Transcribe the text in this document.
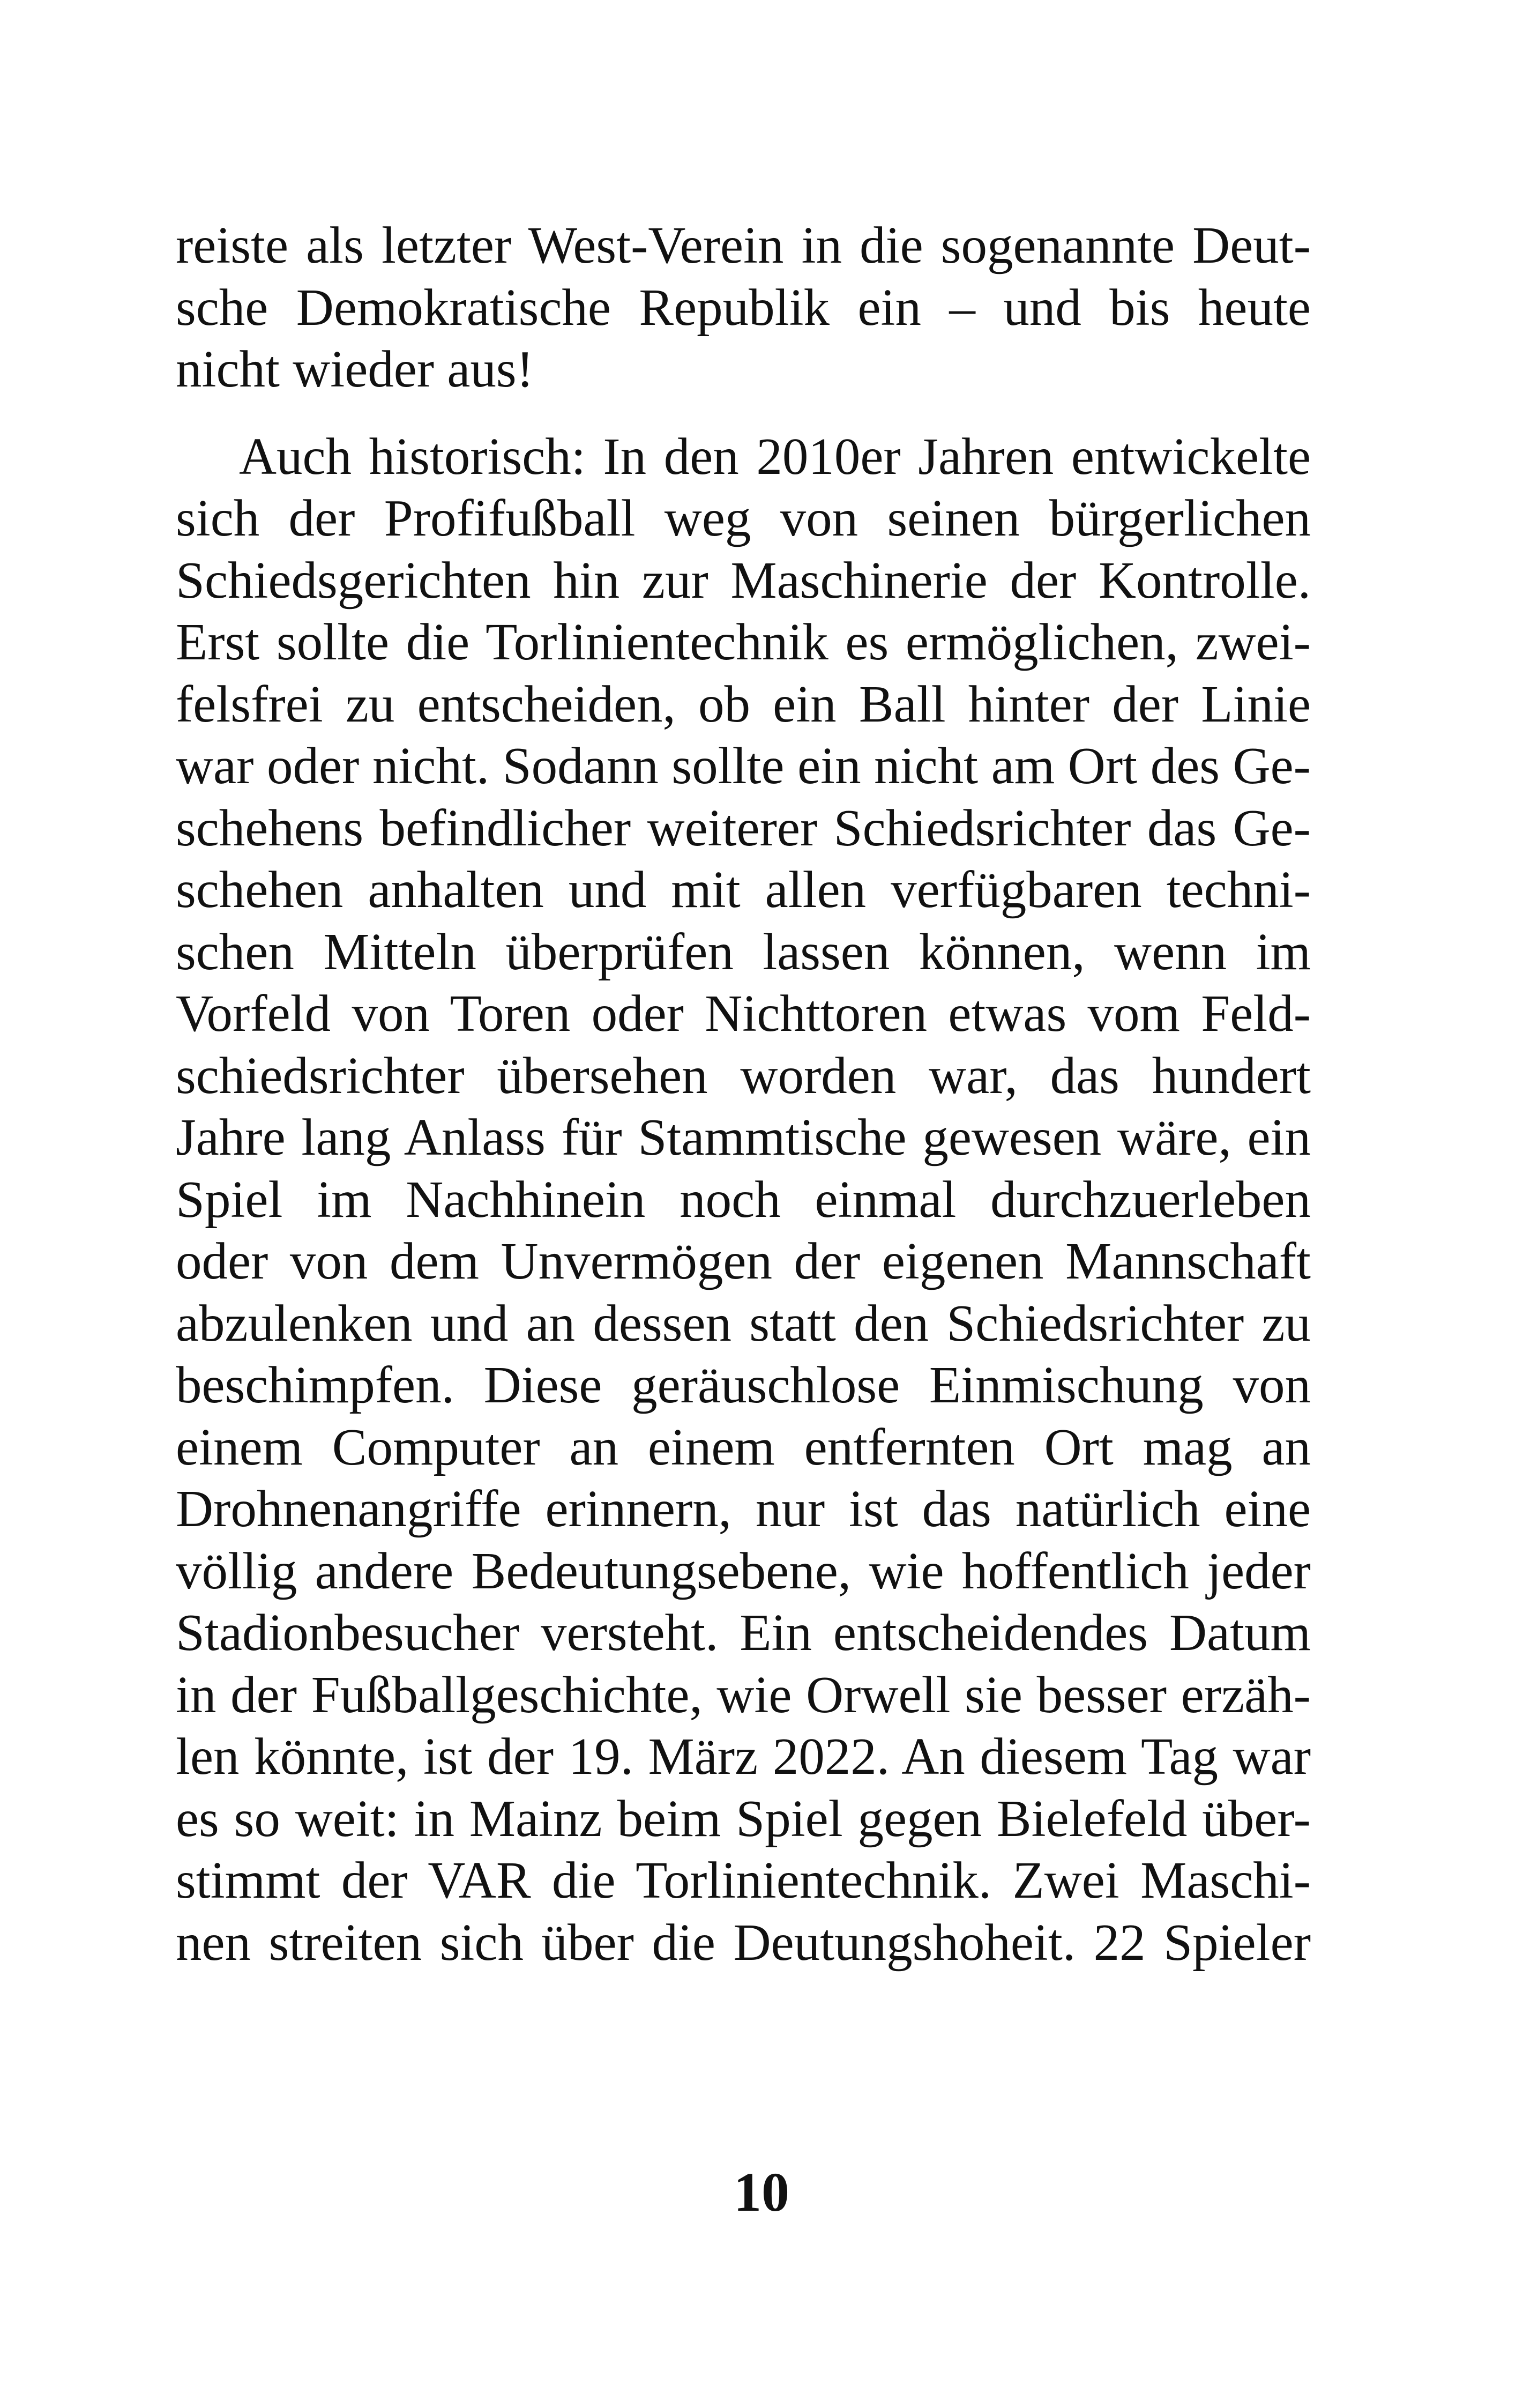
reiste als letzter West-Verein in die sogenannte Deut-
sche Demokratische Republik ein – und bis heute
nicht wieder aus!
Auch historisch: In den 2010er Jahren entwickelte
sich der Profifußball weg von seinen bürgerlichen
Schiedsgerichten hin zur Maschinerie der Kontrolle.
Erst sollte die Torlinientechnik es ermöglichen, zwei-
felsfrei zu entscheiden, ob ein Ball hinter der Linie
war oder nicht. Sodann sollte ein nicht am Ort des Ge-
schehens befindlicher weiterer Schiedsrichter das Ge-
schehen anhalten und mit allen verfügbaren techni-
schen Mitteln überprüfen lassen können, wenn im
Vorfeld von Toren oder Nichttoren etwas vom Feld-
schiedsrichter übersehen worden war, das hundert
Jahre lang Anlass für Stammtische gewesen wäre, ein
Spiel im Nachhinein noch einmal durchzuerleben
oder von dem Unvermögen der eigenen Mannschaft
abzulenken und an dessen statt den Schiedsrichter zu
beschimpfen. Diese geräuschlose Einmischung von
einem Computer an einem entfernten Ort mag an
Drohnenangriffe erinnern, nur ist das natürlich eine
völlig andere Bedeutungsebene, wie hoffentlich jeder
Stadionbesucher versteht. Ein entscheidendes Datum
in der Fußballgeschichte, wie Orwell sie besser erzäh-
len könnte, ist der 19. März 2022. An diesem Tag war
es so weit: in Mainz beim Spiel gegen Bielefeld über-
stimmt der VAR die Torlinientechnik. Zwei Maschi-
nen streiten sich über die Deutungshoheit. 22 Spieler
10
